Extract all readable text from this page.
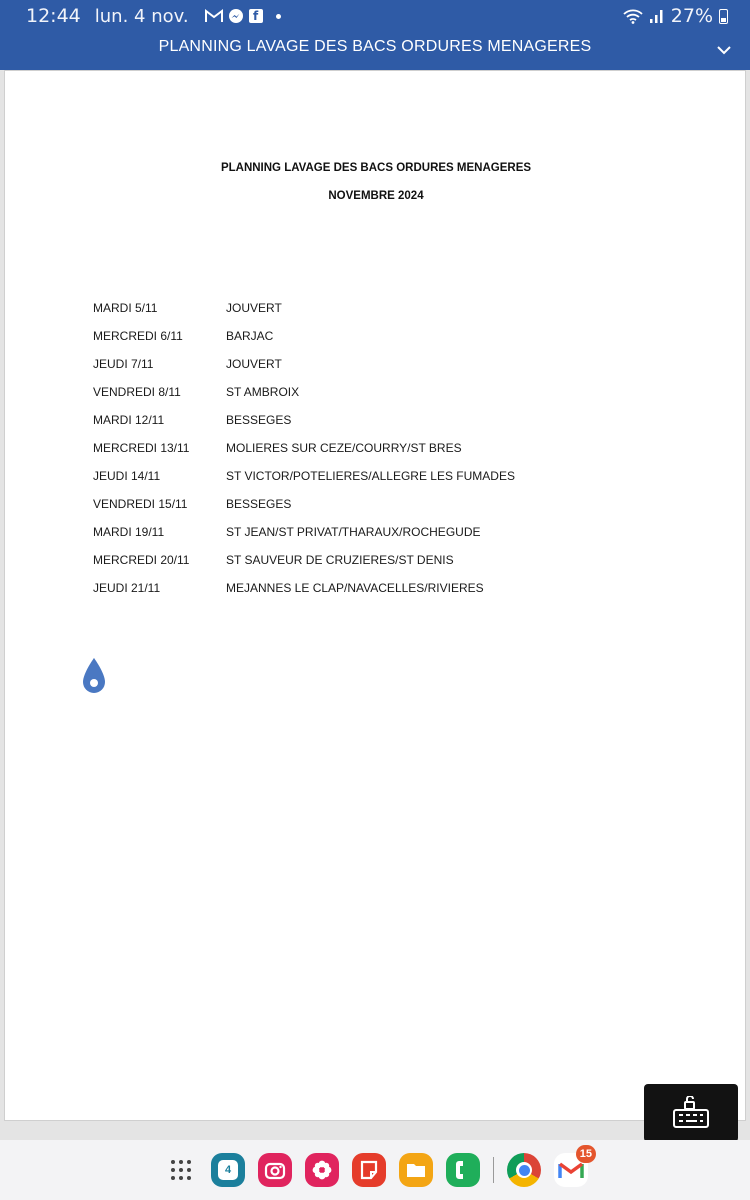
12:44 lun. 4 nov.	f	27%
PLANNING LAVAGE DES BACS ORDURES MENAGERES
PLANNING LAVAGE DES BACS ORDURES MENAGERES
NOVEMBRE 2024
MARDI 5/11	JOUVERT
MERCREDI 6/11	BARJAC
JEUDI 7/11	JOUVERT
VENDREDI 8/11	ST AMBROIX
MARDI 12/11	BESSEGES
MERCREDI 13/11	MOLIERES SUR CEZE/COURRY/ST BRES
JEUDI 14/11	ST VICTOR/POTELIERES/ALLEGRE LES FUMADES
VENDREDI 15/11	BESSEGES
MARDI 19/11	ST JEAN/ST PRIVAT/THARAUX/ROCHEGUDE
MERCREDI 20/11	ST SAUVEUR DE CRUZIERES/ST DENIS
JEUDI 21/11	MEJANNES LE CLAP/NAVACELLES/RIVIERES
4
15
